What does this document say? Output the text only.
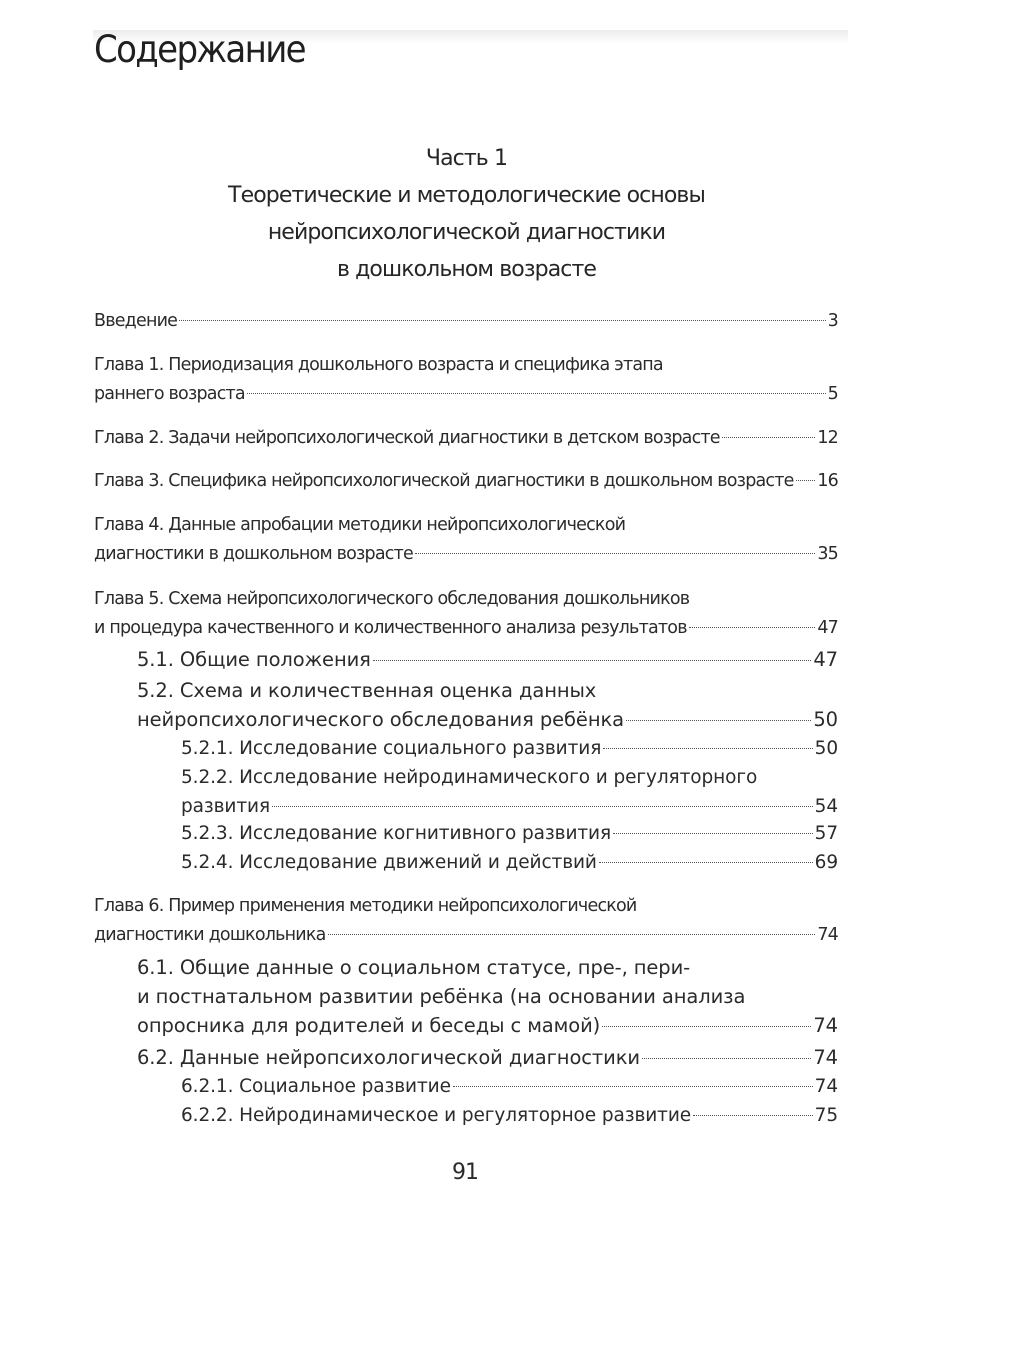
Содержание
Часть 1
Теоретические и методологические основы
нейропсихологической диагностики
в дошкольном возрасте
Введение	3
Глава 1. Периодизация дошкольного возраста и специфика этапа
раннего возраста	5
Глава 2. Задачи нейропсихологической диагностики в детском возрасте	12
Глава 3. Специфика нейропсихологической диагностики в дошкольном возрасте 16
Глава 4. Данные апробации методики нейропсихологической
диагностики в дошкольном возрасте	35
Глава 5. Схема нейропсихологического обследования дошкольников
и процедура качественного и количественного анализа результатов	47
5.1. Общие положения	47
5.2. Схема и количественная оценка данных
нейропсихологического обследования ребёнка	50
5.2.1. Исследование социального развития	50
5.2.2. Исследование нейродинамического и регуляторного
развития	54
5.2.3. Исследование когнитивного развития	57
5.2.4. Исследование движений и действий	69
Глава 6. Пример применения методики нейропсихологической
диагностики дошкольника	74
6.1. Общие данные о социальном статусе, пре-, пери-
и постнатальном развитии ребёнка (на основании анализа
опросника для родителей и беседы с мамой)	74
6.2. Данные нейропсихологической диагностики	74
6.2.1. Социальное развитие	74
6.2.2. Нейродинамическое и регуляторное развитие	75
91
